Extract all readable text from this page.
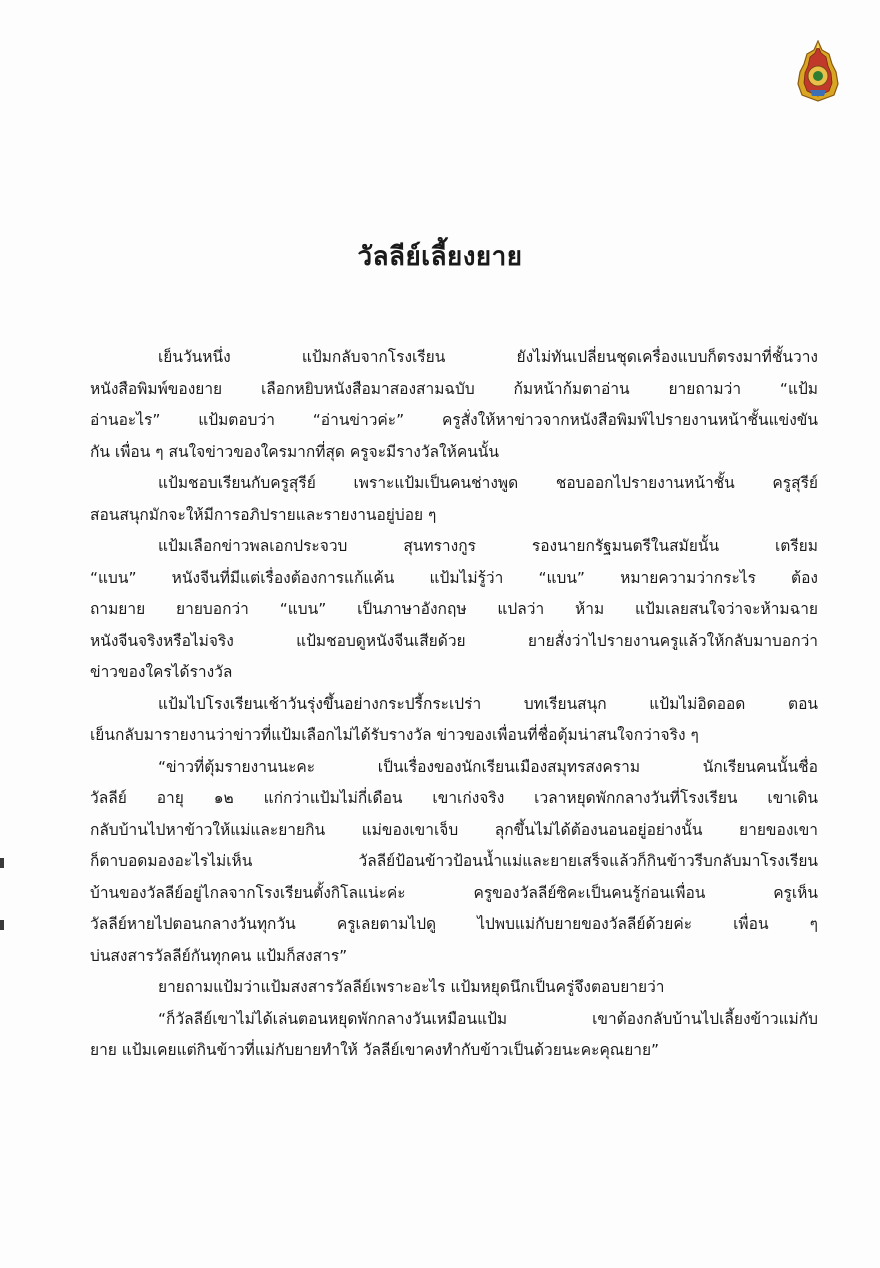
วัลลีย์เลี้ยงยาย
เย็นวันหนึ่ง แป้มกลับจากโรงเรียน ยังไม่ทันเปลี่ยนชุดเครื่องแบบก็ตรงมาที่ชั้นวาง
หนังสือพิมพ์ของยาย เลือกหยิบหนังสือมาสองสามฉบับ ก้มหน้าก้มตาอ่าน ยายถามว่า “แป้ม
อ่านอะไร” แป้มตอบว่า “อ่านข่าวค่ะ” ครูสั่งให้หาข่าวจากหนังสือพิมพ์ไปรายงานหน้าชั้นแข่งขัน
กัน เพื่อน ๆ สนใจข่าวของใครมากที่สุด ครูจะมีรางวัลให้คนนั้น
แป้มชอบเรียนกับครูสุรีย์ เพราะแป้มเป็นคนช่างพูด ชอบออกไปรายงานหน้าชั้น ครูสุรีย์
สอนสนุกมักจะให้มีการอภิปรายและรายงานอยู่บ่อย ๆ
แป้มเลือกข่าวพลเอกประจวบ สุนทรางกูร รองนายกรัฐมนตรีในสมัยนั้น เตรียม
“แบน” หนังจีนที่มีแต่เรื่องต้องการแก้แค้น แป้มไม่รู้ว่า “แบน” หมายความว่ากระไร ต้อง
ถามยาย ยายบอกว่า “แบน” เป็นภาษาอังกฤษ แปลว่า ห้าม แป้มเลยสนใจว่าจะห้ามฉาย
หนังจีนจริงหรือไม่จริง แป้มชอบดูหนังจีนเสียด้วย ยายสั่งว่าไปรายงานครูแล้วให้กลับมาบอกว่า
ข่าวของใครได้รางวัล
แป้มไปโรงเรียนเช้าวันรุ่งขึ้นอย่างกระปรี้กระเปร่า บทเรียนสนุก แป้มไม่อิดออด ตอน
เย็นกลับมารายงานว่าข่าวที่แป้มเลือกไม่ได้รับรางวัล ข่าวของเพื่อนที่ชื่อตุ้มน่าสนใจกว่าจริง ๆ
“ข่าวที่ตุ้มรายงานนะคะ เป็นเรื่องของนักเรียนเมืองสมุทรสงคราม นักเรียนคนนั้นชื่อ
วัลลีย์ อายุ ๑๒ แก่กว่าแป้มไม่กี่เดือน เขาเก่งจริง เวลาหยุดพักกลางวันที่โรงเรียน เขาเดิน
กลับบ้านไปหาข้าวให้แม่และยายกิน แม่ของเขาเจ็บ ลุกขึ้นไม่ได้ต้องนอนอยู่อย่างนั้น ยายของเขา
ก็ตาบอดมองอะไรไม่เห็น วัลลีย์ป้อนข้าวป้อนน้ำแม่และยายเสร็จแล้วก็กินข้าวรีบกลับมาโรงเรียน
บ้านของวัลลีย์อยู่ไกลจากโรงเรียนตั้งกิโลแน่ะค่ะ ครูของวัลลีย์ซิคะเป็นคนรู้ก่อนเพื่อน ครูเห็น
วัลลีย์หายไปตอนกลางวันทุกวัน ครูเลยตามไปดู ไปพบแม่กับยายของวัลลีย์ด้วยค่ะ เพื่อน ๆ
บ่นสงสารวัลลีย์กันทุกคน แป้มก็สงสาร”
ยายถามแป้มว่าแป้มสงสารวัลลีย์เพราะอะไร แป้มหยุดนึกเป็นครู่จึงตอบยายว่า
“ก็วัลลีย์เขาไม่ได้เล่นตอนหยุดพักกลางวันเหมือนแป้ม เขาต้องกลับบ้านไปเลี้ยงข้าวแม่กับ
ยาย แป้มเคยแต่กินข้าวที่แม่กับยายทำให้ วัลลีย์เขาคงทำกับข้าวเป็นด้วยนะคะคุณยาย”
